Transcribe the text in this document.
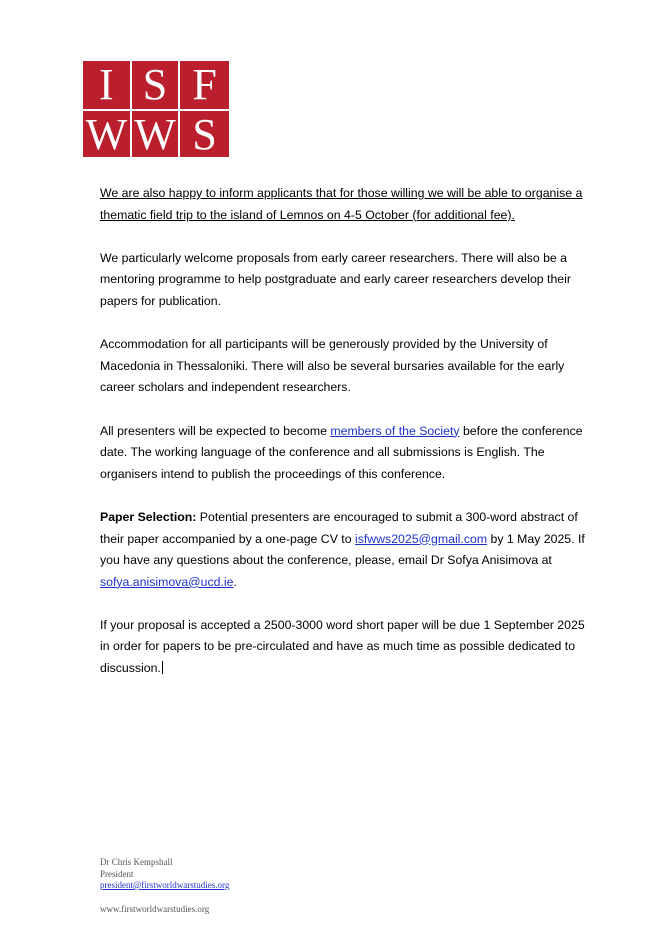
I S F
W W S

We are also happy to inform applicants that for those willing we will be able to organise a thematic field trip to the island of Lemnos on 4-5 October (for additional fee).

We particularly welcome proposals from early career researchers. There will also be a mentoring programme to help postgraduate and early career researchers develop their papers for publication.

Accommodation for all participants will be generously provided by the University of Macedonia in Thessaloniki. There will also be several bursaries available for the early career scholars and independent researchers.

All presenters will be expected to become members of the Society before the conference date. The working language of the conference and all submissions is English. The organisers intend to publish the proceedings of this conference.

Paper Selection: Potential presenters are encouraged to submit a 300-word abstract of their paper accompanied by a one-page CV to isfwws2025@gmail.com by 1 May 2025. If you have any questions about the conference, please, email Dr Sofya Anisimova at sofya.anisimova@ucd.ie.

If your proposal is accepted a 2500-3000 word short paper will be due 1 September 2025 in order for papers to be pre-circulated and have as much time as possible dedicated to discussion.

Dr Chris Kempshall
President
president@firstworldwarstudies.org
www.firstworldwarstudies.org
